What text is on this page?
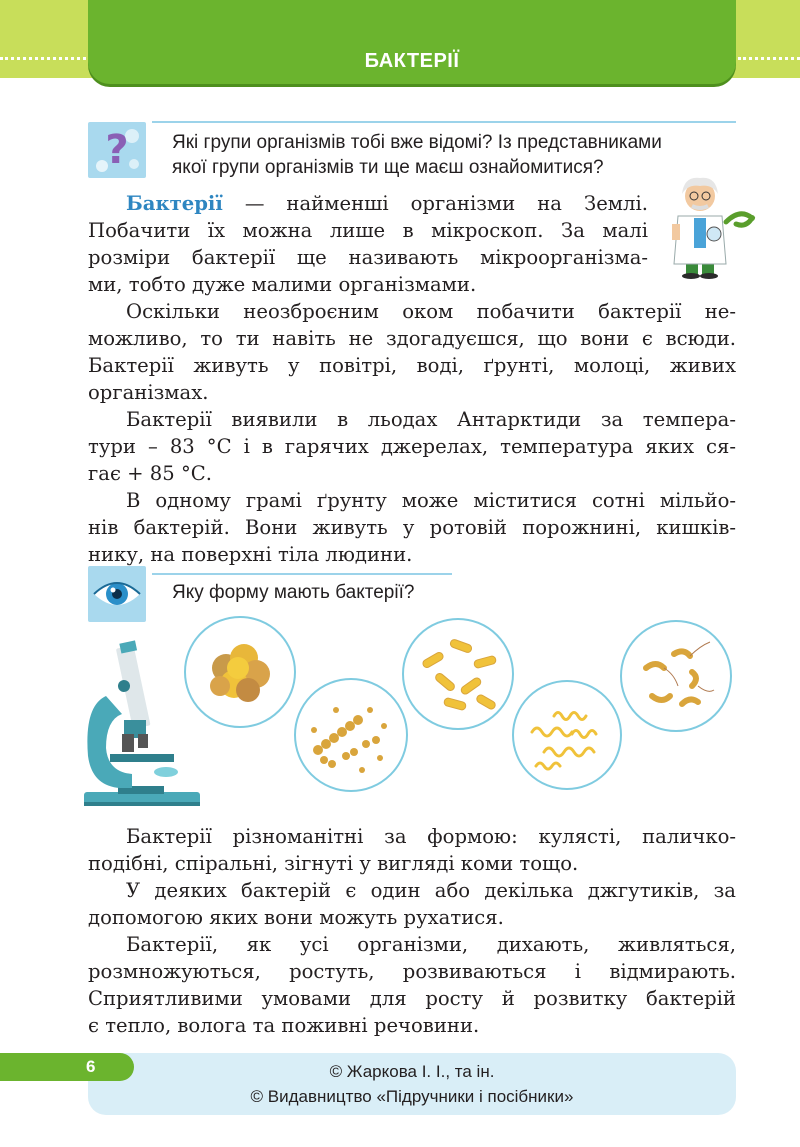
БАКТЕРІЇ
? Які групи організмів тобі вже відомі? Із представниками
якої групи організмів ти ще маєш ознайомитися?
Бактерії — найменші організми на Землі.
Побачити їх можна лише в мікроскоп. За малі
розміри бактерії ще називають мікроорганізма-
ми, тобто дуже малими організмами.
Оскільки неозброєним оком побачити бактерії не-
можливо, то ти навіть не здогадуєшся, що вони є всюди.
Бактерії живуть у повітрі, воді, ґрунті, молоці, живих
організмах.
Бактерії виявили в льодах Антарктиди за темпера-
тури – 83 °С і в гарячих джерелах, температура яких ся-
гає + 85 °С.
В одному грамі ґрунту може міститися сотні мільйо-
нів бактерій. Вони живуть у ротовій порожнині, кишків-
нику, на поверхні тіла людини.
Яку форму мають бактерії?
Бактерії різноманітні за формою: кулясті, паличко-
подібні, спіральні, зігнуті у вигляді коми тощо.
У деяких бактерій є один або декілька джгутиків, за
допомогою яких вони можуть рухатися.
Бактерії, як усі організми, дихають, живляться,
розмножуються, ростуть, розвиваються і відмирають.
Сприятливими умовами для росту й розвитку бактерій
є тепло, волога та поживні речовини.
6	© Жаркова І. І., та ін.
© Видавництво «Підручники і посібники»
